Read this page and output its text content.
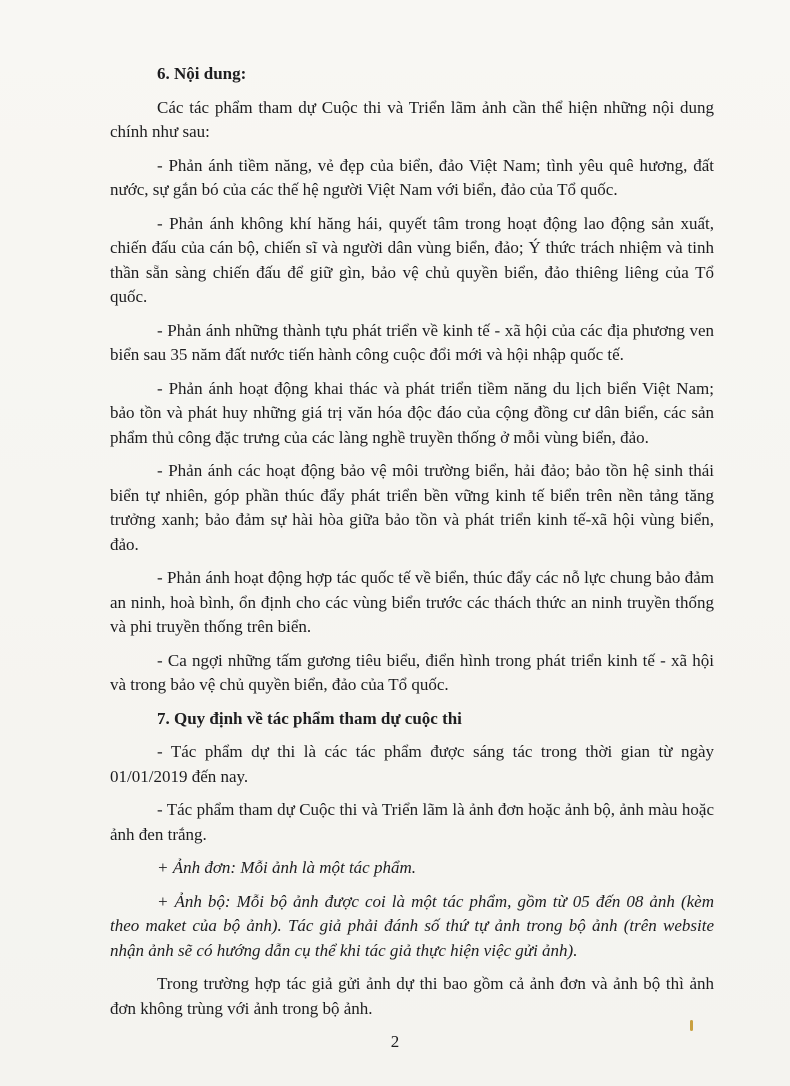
6. Nội dung:

Các tác phẩm tham dự Cuộc thi và Triển lãm ảnh cần thể hiện những nội dung chính như sau:

- Phản ánh tiềm năng, vẻ đẹp của biển, đảo Việt Nam; tình yêu quê hương, đất nước, sự gắn bó của các thế hệ người Việt Nam với biển, đảo của Tổ quốc.

- Phản ánh không khí hăng hái, quyết tâm trong hoạt động lao động sản xuất, chiến đấu của cán bộ, chiến sĩ và người dân vùng biển, đảo; Ý thức trách nhiệm và tinh thần sẵn sàng chiến đấu để giữ gìn, bảo vệ chủ quyền biển, đảo thiêng liêng của Tổ quốc.

- Phản ánh những thành tựu phát triển về kinh tế - xã hội của các địa phương ven biển sau 35 năm đất nước tiến hành công cuộc đổi mới và hội nhập quốc tế.

- Phản ánh hoạt động khai thác và phát triển tiềm năng du lịch biển Việt Nam; bảo tồn và phát huy những giá trị văn hóa độc đáo của cộng đồng cư dân biển, các sản phẩm thủ công đặc trưng của các làng nghề truyền thống ở mỗi vùng biển, đảo.

- Phản ánh các hoạt động bảo vệ môi trường biển, hải đảo; bảo tồn hệ sinh thái biển tự nhiên, góp phần thúc đẩy phát triển bền vững kinh tế biển trên nền tảng tăng trưởng xanh; bảo đảm sự hài hòa giữa bảo tồn và phát triển kinh tế-xã hội vùng biển, đảo.

- Phản ánh hoạt động hợp tác quốc tế về biển, thúc đẩy các nỗ lực chung bảo đảm an ninh, hoà bình, ổn định cho các vùng biển trước các thách thức an ninh truyền thống và phi truyền thống trên biển.

- Ca ngợi những tấm gương tiêu biểu, điển hình trong phát triển kinh tế - xã hội và trong bảo vệ chủ quyền biển, đảo của Tổ quốc.

7. Quy định về tác phẩm tham dự cuộc thi

- Tác phẩm dự thi là các tác phẩm được sáng tác trong thời gian từ ngày 01/01/2019 đến nay.

- Tác phẩm tham dự Cuộc thi và Triển lãm là ảnh đơn hoặc ảnh bộ, ảnh màu hoặc ảnh đen trắng.

+ Ảnh đơn: Mỗi ảnh là một tác phẩm.

+ Ảnh bộ: Mỗi bộ ảnh được coi là một tác phẩm, gồm từ 05 đến 08 ảnh (kèm theo maket của bộ ảnh). Tác giả phải đánh số thứ tự ảnh trong bộ ảnh (trên website nhận ảnh sẽ có hướng dẫn cụ thể khi tác giả thực hiện việc gửi ảnh).

Trong trường hợp tác giả gửi ảnh dự thi bao gồm cả ảnh đơn và ảnh bộ thì ảnh đơn không trùng với ảnh trong bộ ảnh.

2
